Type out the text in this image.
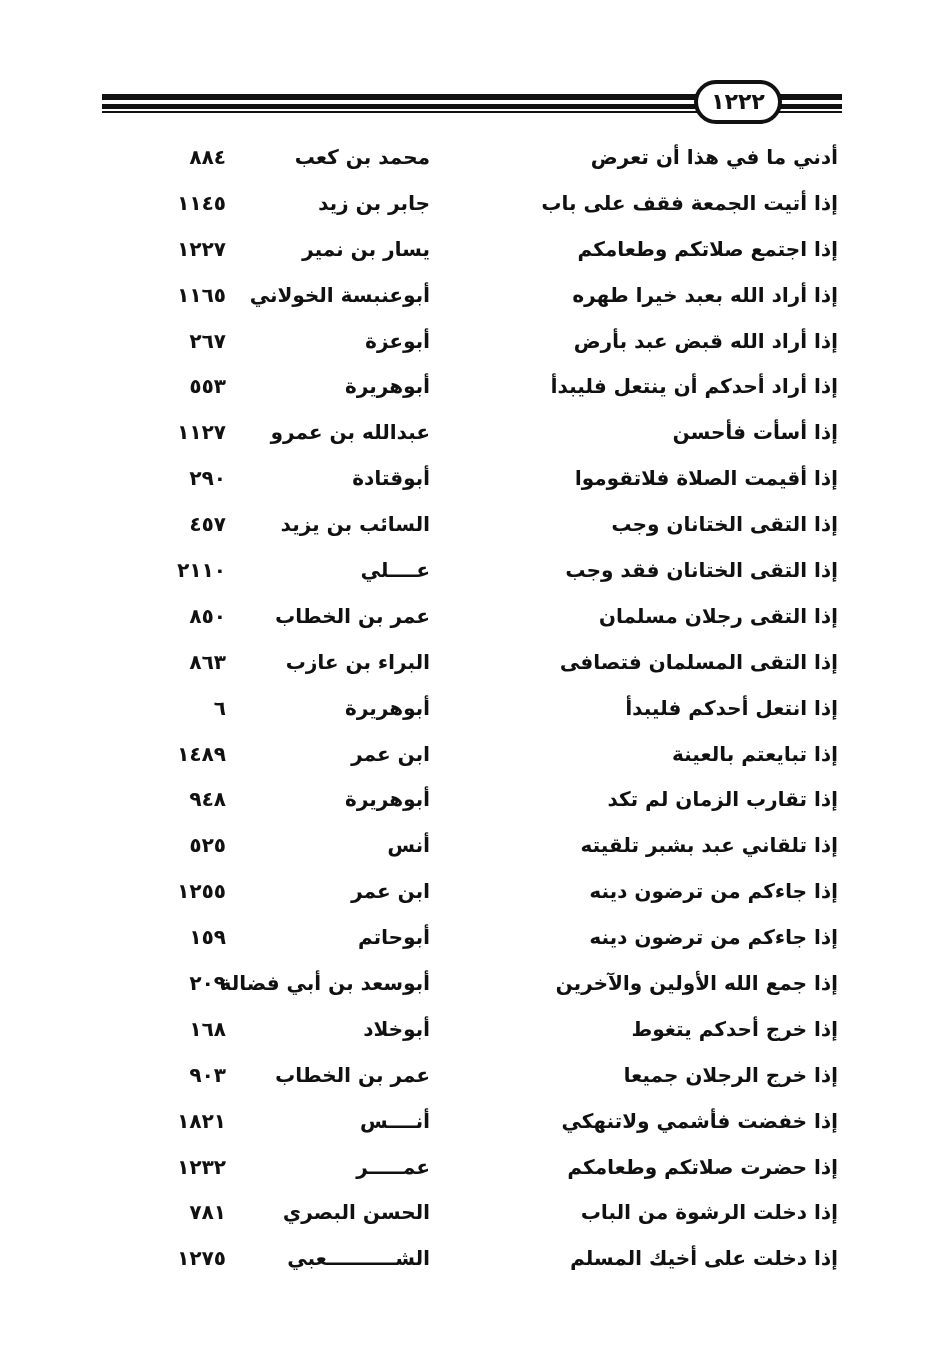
١٢٢٢
أدني ما في هذا أن تعرض
محمد بن كعب
٨٨٤
إذا أتيت الجمعة فقف على باب
جابر بن زيد
١١٤٥
إذا اجتمع صلاتكم وطعامكم
يسار بن نمير
١٢٢٧
إذا أراد الله بعبد خيرا طهره
أبوعنبسة الخولاني
١١٦٥
إذا أراد الله قبض عبد بأرض
أبوعزة
٢٦٧
إذا أراد أحدكم أن ينتعل فليبدأ
أبوهريرة
٥٥٣
إذا أسأت فأحسن
عبدالله بن عمرو
١١٢٧
إذا أقيمت الصلاة فلاتقوموا
أبوقتادة
٢٩٠
إذا التقى الختانان وجب
السائب بن يزيد
٤٥٧
إذا التقى الختانان فقد وجب
عــــلي
٢١١٠
إذا التقى رجلان مسلمان
عمر بن الخطاب
٨٥٠
إذا التقى المسلمان فتصافى
البراء بن عازب
٨٦٣
إذا انتعل أحدكم فليبدأ
أبوهريرة
٦
إذا تبايعتم بالعينة
ابن عمر
١٤٨٩
إذا تقارب الزمان لم تكد
أبوهريرة
٩٤٨
إذا تلقاني عبد بشبر تلقيته
أنس
٥٢٥
إذا جاءكم من ترضون دينه
ابن عمر
١٢٥٥
إذا جاءكم من ترضون دينه
أبوحاتم
١٥٩
إذا جمع الله الأولين والآخرين
أبوسعد بن أبي فضالة
٢٠٩
إذا خرج أحدكم يتغوط
أبوخلاد
١٦٨
إذا خرج الرجلان جميعا
عمر بن الخطاب
٩٠٣
إذا خفضت فأشمي ولاتنهكي
أنــــس
١٨٢١
إذا حضرت صلاتكم وطعامكم
عمـــــر
١٢٣٢
إذا دخلت الرشوة من الباب
الحسن البصري
٧٨١
إذا دخلت على أخيك المسلم
الشــــــــــعبي
١٢٧٥
